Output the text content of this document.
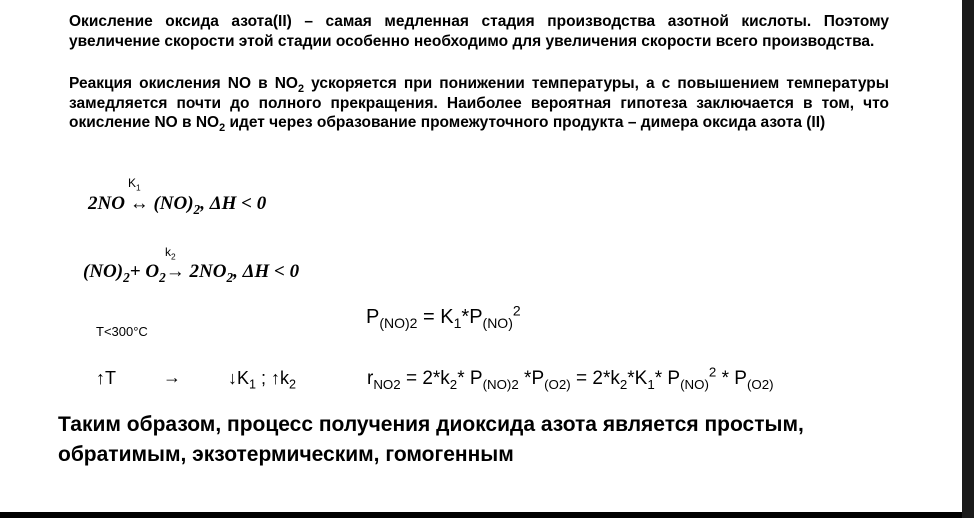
Окисление оксида азота(II) – самая медленная стадия производства азотной кислоты. Поэтому увеличение скорости этой стадии особенно необходимо для увеличения скорости всего производства.

Реакция окисления NO в $NO_2$ ускоряется при понижении температуры, а с повышением температуры замедляется почти до полного прекращения. Наиболее вероятная гипотеза заключается в том, что окисление NO в $NO_2$ идет через образование промежуточного продукта – димера оксида азота (II)

$K_1$
2NO ↔ $(NO)_2$, ΔH < 0
$k_2$
$(NO)_2+ O_2\to 2NO_2$, ΔH < 0
$P_{(NO)2} = K_1*P_{(NO)}^2$
T<300°C
↑T	→	$↓K_1$ ; $↑k_2$	$r_{NO2} = 2*k_2*$ $P_{(NO)2}$ $*P_{(O2)} = 2*k_2*K_1*$ $P_{(NO)}^2 * P_{(O2)}$

Таким образом, процесс получения диоксида азота является простым, обратимым, экзотермическим, гомогенным
